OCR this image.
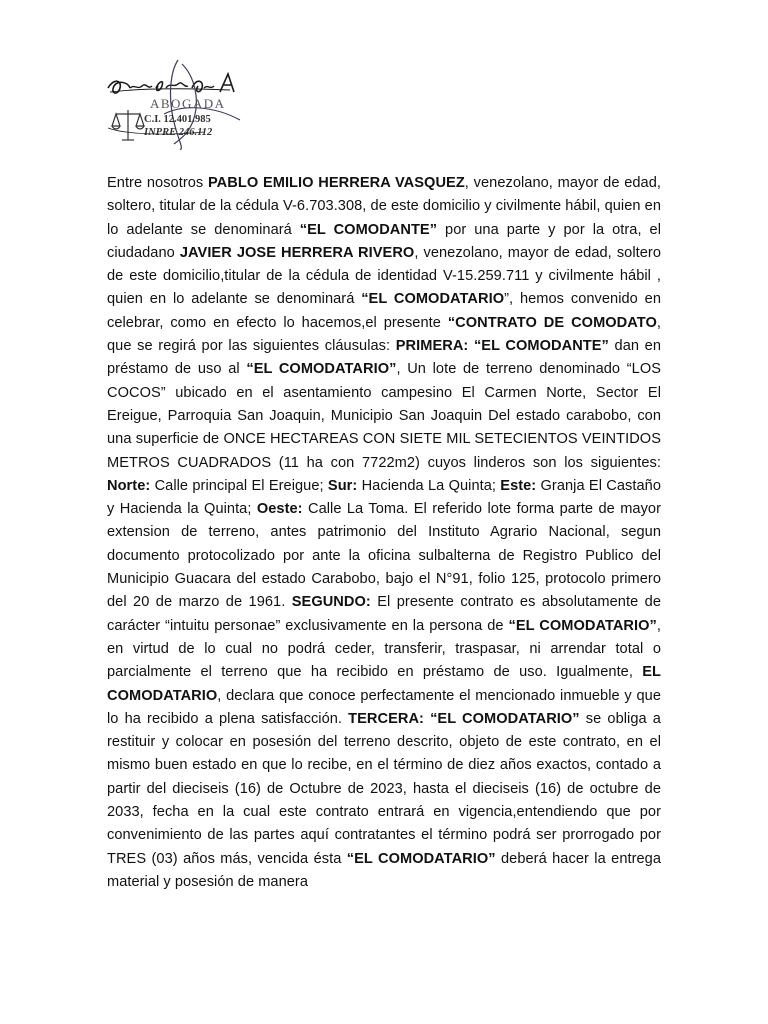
ABOGADA
C.I. 12.401.985
INPRE 246.112
Entre nosotros PABLO EMILIO HERRERA VASQUEZ, venezolano, mayor de edad, soltero, titular de la cédula V-6.703.308, de este domicilio y civilmente hábil, quien en lo adelante se denominará “EL COMODANTE” por una parte y por la otra, el ciudadano JAVIER JOSE HERRERA RIVERO, venezolano, mayor de edad, soltero de este domicilio,titular de la cédula de identidad V-15.259.711 y civilmente hábil , quien en lo adelante se denominará “EL COMODATARIO”, hemos convenido en celebrar, como en efecto lo hacemos,el presente “CONTRATO DE COMODATO, que se regirá por las siguientes cláusulas: PRIMERA: “EL COMODANTE” dan en préstamo de uso al “EL COMODATARIO”, Un lote de terreno denominado “LOS COCOS” ubicado en el asentamiento campesino El Carmen Norte, Sector El Ereigue, Parroquia San Joaquin, Municipio San Joaquin Del estado carabobo, con una superficie de ONCE HECTAREAS CON SIETE MIL SETECIENTOS VEINTIDOS METROS CUADRADOS (11 ha con 7722m2) cuyos linderos son los siguientes: Norte: Calle principal El Ereigue; Sur: Hacienda La Quinta; Este: Granja El Castaño y Hacienda la Quinta; Oeste: Calle La Toma. El referido lote forma parte de mayor extension de terreno, antes patrimonio del Instituto Agrario Nacional, segun documento protocolizado por ante la oficina sulbalterna de Registro Publico del Municipio Guacara del estado Carabobo, bajo el N°91, folio 125, protocolo primero del 20 de marzo de 1961. SEGUNDO: El presente contrato es absolutamente de carácter “intuitu personae” exclusivamente en la persona de “EL COMODATARIO”, en virtud de lo cual no podrá ceder, transferir, traspasar, ni arrendar total o parcialmente el terreno que ha recibido en préstamo de uso. Igualmente, EL COMODATARIO, declara que conoce perfectamente el mencionado inmueble y que lo ha recibido a plena satisfacción. TERCERA: “EL COMODATARIO” se obliga a restituir y colocar en posesión del terreno descrito, objeto de este contrato, en el mismo buen estado en que lo recibe, en el término de diez años exactos, contado a partir del dieciseis (16) de Octubre de 2023, hasta el dieciseis (16) de octubre de 2033, fecha en la cual este contrato entrará en vigencia,entendiendo que por convenimiento de las partes aquí contratantes el término podrá ser prorrogado por TRES (03) años más, vencida ésta “EL COMODATARIO” deberá hacer la entrega material y posesión de manera
